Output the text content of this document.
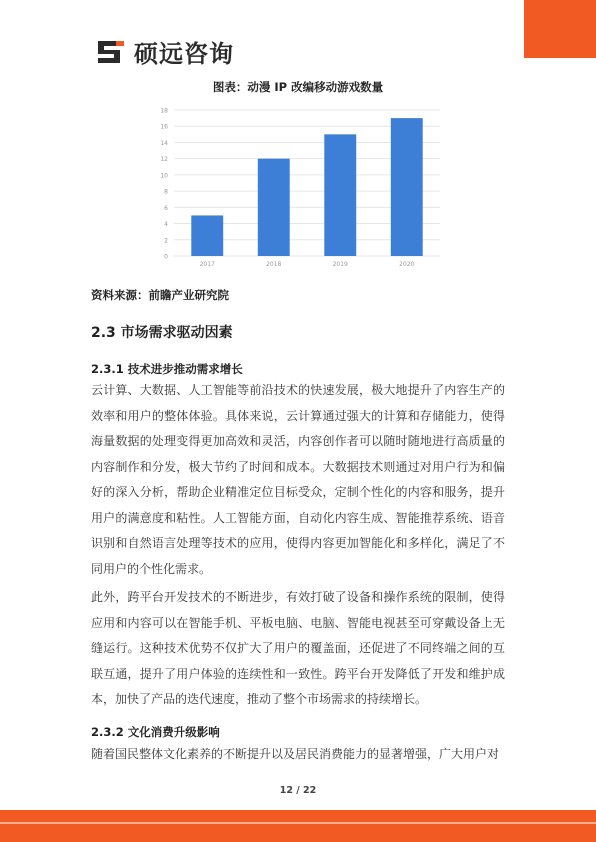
硕远咨询
图表：动漫 IP 改编移动游戏数量
0
2
4
6
8
10
12
14
16
18
2017	2018	2019	2020
资料来源：前瞻产业研究院
2.3 市场需求驱动因素
2.3.1 技术进步推动需求增长

云计算、大数据、人工智能等前沿技术的快速发展，极大地提升了内容生产的效率和用户的整体体验。具体来说，云计算通过强大的计算和存储能力，使得海量数据的处理变得更加高效和灵活，内容创作者可以随时随地进行高质量的内容制作和分发，极大节约了时间和成本。大数据技术则通过对用户行为和偏好的深入分析，帮助企业精准定位目标受众，定制个性化的内容和服务，提升用户的满意度和粘性。人工智能方面，自动化内容生成、智能推荐系统、语音识别和自然语言处理等技术的应用，使得内容更加智能化和多样化，满足了不同用户的个性化需求。

此外，跨平台开发技术的不断进步，有效打破了设备和操作系统的限制，使得应用和内容可以在智能手机、平板电脑、电脑、智能电视甚至可穿戴设备上无缝运行。这种技术优势不仅扩大了用户的覆盖面，还促进了不同终端之间的互联互通，提升了用户体验的连续性和一致性。跨平台开发降低了开发和维护成本，加快了产品的迭代速度，推动了整个市场需求的持续增长。

2.3.2 文化消费升级影响

随着国民整体文化素养的不断提升以及居民消费能力的显著增强，广大用户对

12 / 22
